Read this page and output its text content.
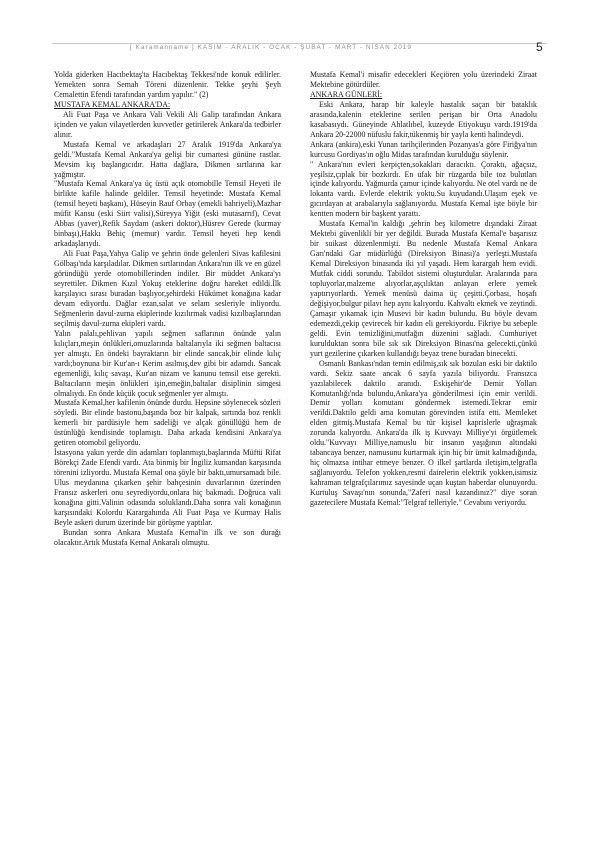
[ Karamanname ] KASIM - ARALIK - OCAK - ŞUBAT - MART - NİSAN 2019	5

Yolda giderken Hacıbektaş'ta Hacıbektaş Tekkesi'nde konuk edilirler. Yemekten sonra Semah Töreni düzenlenir. Tekke şeyhi Şeyh Cemalettin Efendi tarafından yardım yapılır." (2)

MUSTAFA KEMAL ANKARA'DA:

Ali Fuat Paşa ve Ankara Vali Vekili Ali Galip tarafından Ankara içinden ve yakın vilayetlerden kuvvetler getirilerek Ankara'da tedbirler alınır.

Mustafa Kemal ve arkadaşları 27 Aralık 1919'da Ankara'ya geldi."Mustafa Kemal Ankara'ya gelişi bir cumartesi gününe rastlar. Mevsim kış başlangıcıdır. Hatta dağlara, Dikmen sırtlarına kar yağmıştır.

"Mustafa Kemal Ankara'ya üç üstü açık otomobille Temsil Heyeti ile birlikte kafile halinde geldiler. Temsil heyetinde: Mustafa Kemal (temsil heyeti başkanı), Hüseyin Rauf Orbay (emekli bahriyeli),Mazhar müfit Kansu (eski Siirt valisi),Süreyya Yiğit (eski mutasarrıf), Cevat Abbas (yaver),Refik Saydam (askeri doktor),Hüsrev Gerede (kurmay binbaşı),Hakkı Behiç (memur) vardır. Temsil heyeti hep kendi arkadaşlarıydı.

Ali Fuat Paşa,Yahya Galip ve şehrin önde gelenleri Sivas kafilesini Gölbaşı'nda karşıladılar. Dikmen sırtlarından Ankara'nın ilk ve en güzel göründüğü yerde otomobillerinden indiler. Bir müddet Ankara'yı seyrettiler. Dikmen Kızıl Yokuş eteklerine doğru hareket edildi.İlk karşılayıcı sırası buradan başlıyor,şehirdeki Hükümet konağına kadar devam ediyordu. Dağlar ezan,salat ve selam sesleriyle inliyordu. Seğmenlerin davul-zurna ekiplerinde kızılırmak vadisi kızılbaşlarından seçilmiş davul-zurna ekipleri vardı.

Yalın palalı,pehlivan yapılı seğmen saflarının önünde yalın kılıçları,meşin önlükleri,omuzlarında baltalarıyla iki seğmen baltacısı yer almıştı. En öndeki bayraktarın bir elinde sancak,bir elinde kılıç vardı;boynuna bir Kur'an-ı Kerim asılmış,dev gibi bir adamdı. Sancak egemenliği, kılıç savaşı, Kur'an nizam ve kanunu temsil etse gerekti. Baltacıların meşin önlükleri işin,emeğin,baltalar disiplinin simgesi olmalıydı. En önde küçük çocuk seğmenler yer almıştı.

Mustafa Kemal,her kafilenin önünde durdu. Hepsine söylenecek sözleri söyledi. Bir elinde bastonu,başında boz bir kalpak, sırtında boz renkli kemerli bir pardüsiyle hem sadeliği ve alçak gönüllüğü hem de üstünlüğü kendisinde toplamıştı. Daha arkada kendisini Ankara'ya getiren otomobil geliyordu.

İstasyona yakın yerde din adamları toplanmıştı,başlarında Müftü Rifat Börekçi Zade Efendi vardı. Ata binmiş bir İngiliz kumandan karşısında törenini izliyordu. Mustafa Kemal ona şöyle bir baktı,umursamadı bile. Ulus meydanına çıkarken şehir bahçesinin duvarlarının üzerinden Fransız askerleri onu seyrediyordu,onlara hiç bakmadı. Doğruca vali konağına gitti.Valinin odasında soluklandı.Daha sonra vali konağının karşısındaki Kolordu Karargahında Ali Fuat Paşa ve Kurmay Halis Beyle askeri durum üzerinde bir görüşme yaptılar.

Bundan sonra Ankara Mustafa Kemal'in ilk ve son durağı olacaktır.Artık Mustafa Kemal Ankaralı olmuştu.

Mustafa Kemal'i misafir edecekleri Keçiören yolu üzerindeki Ziraat Mektebine götürdüler.

ANKARA GÜNLERİ:

Eski Ankara, harap bir kaleyle hastalık saçan bir bataklık arasında,kalenin eteklerine serilen perişan bir Orta Anadolu kasabasıydı. Güneyinde Ahlatlıbel, kuzeyde Etiyokuşu vardı.1919'da Ankara 20-22000 nüfuslu fakir,tükenmiş bir yayla kenti halindeydi.

Ankara (ankira),eski Yunan tarihçilerinden Pozanyas'a göre Firiğya'nın kurcusu Gordiyas'ın oğlu Midas tarafından kurulduğu söylenir.

" Ankara'nın evleri kerpiçten,sokakları daracıktı. Çoraktı, ağaçsız, yeşilsiz,çıplak bir bozkırdı. En ufak bir rüzgarda bile toz bulutları içinde kalıyordu. Yağmurda çamur içinde kalıyordu. Ne otel vardı ne de lokanta vardı. Evlerde elektrik yoktu.Su kuyudandı.Ulaşım eşek ve gıcırdayan at arabalarıyla sağlanıyordu. Mustafa Kemal işte böyle bir kentten modern bir başkent yarattı.

Mustafa Kemal'in kaldığı ,şehrin beş kilometre dışındaki Ziraat Mektebi güvenlikli bir yer değildi. Burada Mustafa Kemal'e başarısız bir suikast düzenlenmişti. Bu nedenle Mustafa Kemal Ankara Garı'ndaki Gar müdürlüğü (Direksiyon Binası)'a yerleşti.Mustafa Kemal Direksiyon binasında iki yıl yaşadı. Hem karargah hem evidi. Mutfak ciddi sorundu. Tabildot sistemi oluşturdular. Aralarında para topluyorlar,malzeme alıyorlar,aşçılıktan anlayan erlere yemek yaptırıyorlardı. Yemek menüsü daima üç çeşitti.Çorbası, hoşafı değişiyor,bulgur pilavı hep aynı kalıyordu. Kahvaltı ekmek ve zeytindi. Çamaşır yıkamak için Musevi bir kadın bulundu. Bu böyle devam edemezdi,çekip çevirecek bir kadın eli gerekiyordu. Fikriye bu sebeple geldi. Evin temizliğini,mutfağın düzenini sağladı. Cumhuriyet kurulduktan sonra bile sık sık Direksiyon Binası'na gelecekti,çünkü yurt gezilerine çıkarken kullandığı beyaz trene buradan binecekti.

Osmanlı Bankası'ndan temin edilmiş,sık sık bozulan eski bir daktilo vardı. Sekiz saate ancak 6 sayfa yazıla biliyordu. Fransızca yazılabilecek daktilo aranıdı. Eskişehir'de Demir Yolları Komutanlığı'nda bulundu,Ankara'ya gönderilmesi için emir verildi. Demir yolları komutanı göndermek istemedi.Tekrar emir verildi.Daktilo geldi ama komutan görevinden istifa etti. Memleket elden gitmiş.Mustafa Kemal bu tür kişisel kaprislerle uğraşmak zorunda kalıyordu. Ankara'da ilk iş Kuvvayı Milliye'yi örgütlemek oldu."Kuvvayı Milliye,namuslu bir insanın yaşığının altındaki tabancaya benzer, namusunu kurtarmak için hiç bir ümit kalmadığında, hiç olmazsa intihar etmeye benzer. O ilkel şartlarda iletişim,telgrafla sağlanıyordu. Telefon yokken,resmi dairelerin elektrik yokken,isimsiz kahraman telgrafçılarımız sayesinde uçan kuştan haberdar olunuyordu. Kurtuluş Savaşı'nın sonunda,"Zaferi nasıl kazandınız?" diye soran gazetecilere Mustafa Kemal:"Telgraf telleriyle." Cevabını veriyordu.
